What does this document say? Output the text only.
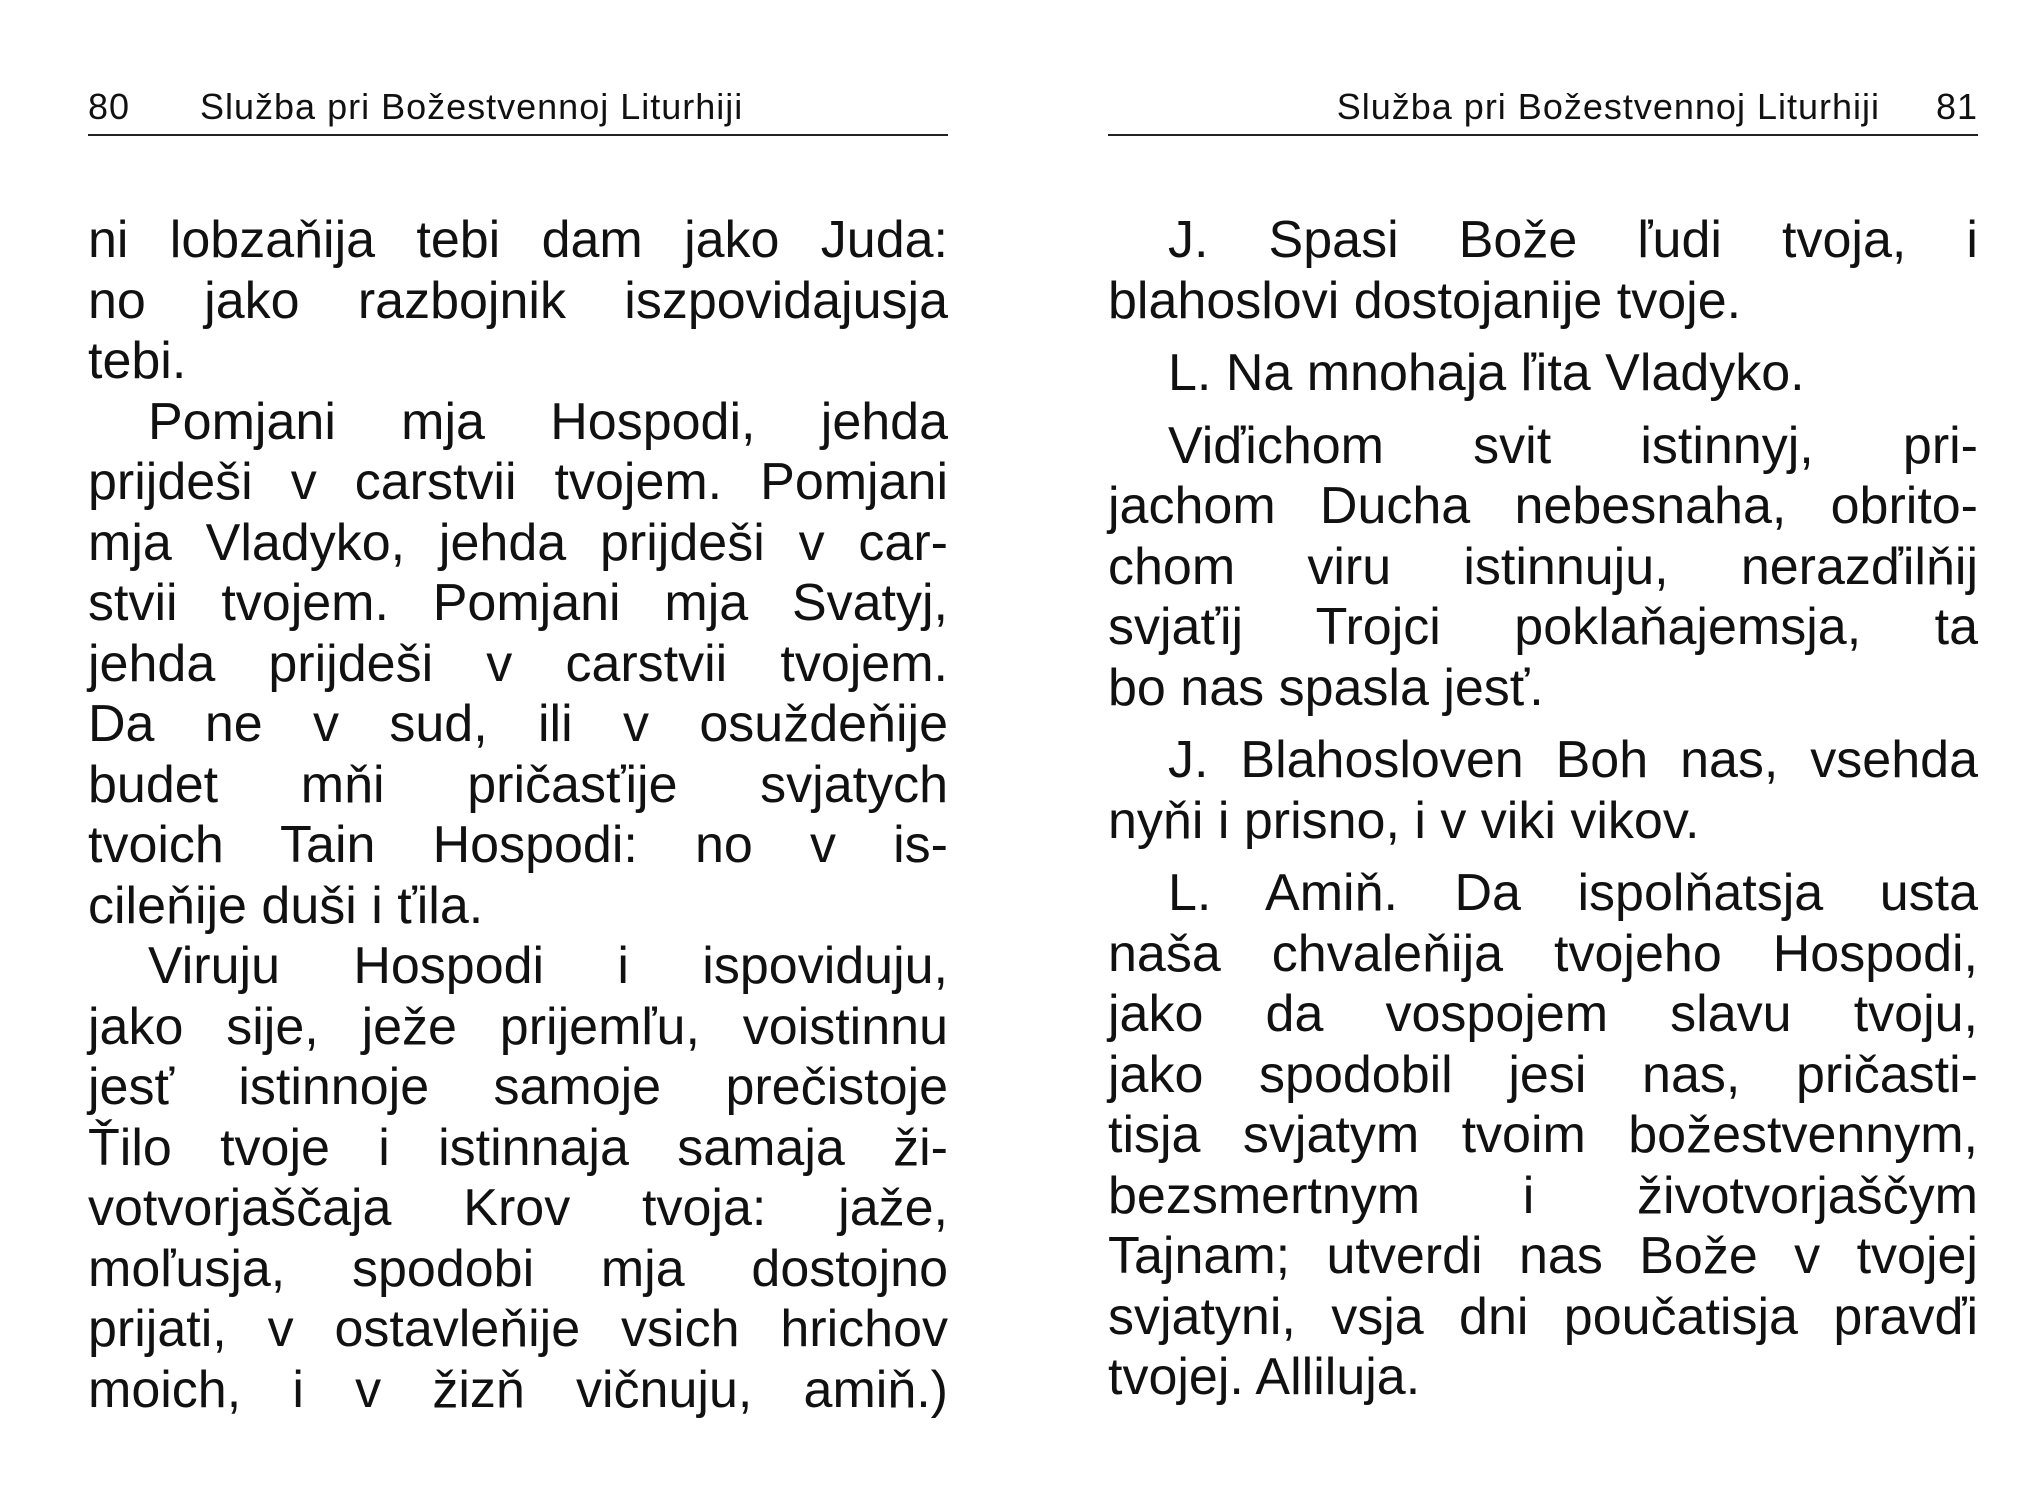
80 Služba pri Božestvennoj Liturhiji
ni lobzaňija tebi dam jako Juda:
no jako razbojnik iszpovidajusja
tebi.
Pomjani mja Hospodi, jehda
prijdeši v carstvii tvojem. Pomjani
mja Vladyko, jehda prijdeši v car-
stvii tvojem. Pomjani mja Svatyj,
jehda prijdeši v carstvii tvojem.
Da ne v sud, ili v osuždeňije
budet mňi pričasťije svjatych
tvoich Tain Hospodi: no v is-
cileňije duši i ťila.
Viruju Hospodi i ispoviduju,
jako sije, ježe prijemľu, voistinnu
jesť istinnoje samoje prečistoje
Ťilo tvoje i istinnaja samaja ži-
votvorjaščaja Krov tvoja: jaže,
moľusja, spodobi mja dostojno
prijati, v ostavleňije vsich hrichov
moich, i v žizň vičnuju, amiň.)
Služba pri Božestvennoj Liturhiji 81
J. Spasi Bože ľudi tvoja, i
blahoslovi dostojanije tvoje.
L. Na mnohaja ľita Vladyko.
Viďichom svit istinnyj, pri-
jachom Ducha nebesnaha, obrito-
chom viru istinnuju, nerazďilňij
svjaťij Trojci poklaňajemsja, ta
bo nas spasla jesť.
J. Blahosloven Boh nas, vsehda
nyňi i prisno, i v viki vikov.
L. Amiň. Da ispolňatsja usta
naša chvaleňija tvojeho Hospodi,
jako da vospojem slavu tvoju,
jako spodobil jesi nas, pričasti-
tisja svjatym tvoim božestvennym,
bezsmertnym i životvorjaščym
Tajnam; utverdi nas Bože v tvojej
svjatyni, vsja dni poučatisja pravďi
tvojej. Alliluja.
